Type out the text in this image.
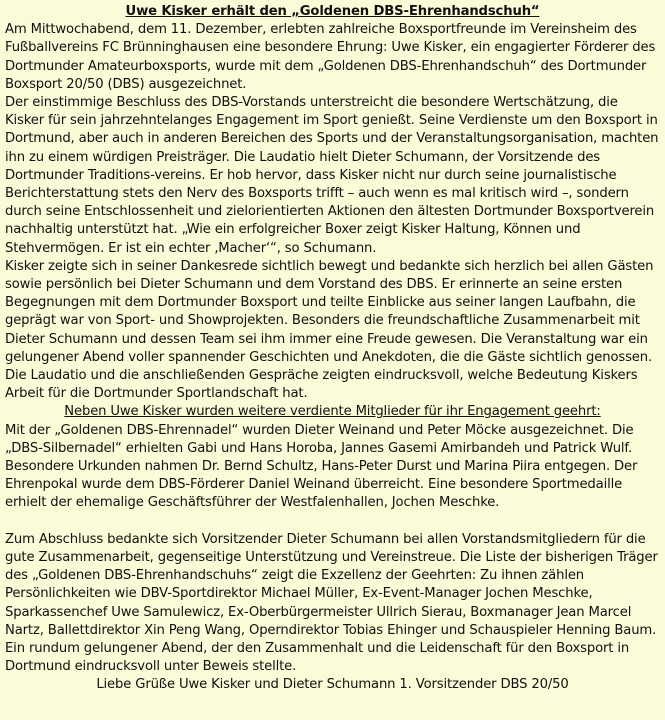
Uwe Kisker erhält den „Goldenen DBS-Ehrenhandschuh“

Am Mittwochabend, dem 11. Dezember, erlebten zahlreiche Boxsportfreunde im Vereinsheim des Fußballvereins FC Brünninghausen eine besondere Ehrung: Uwe Kisker, ein engagierter Förderer des Dortmunder Amateurboxsports, wurde mit dem „Goldenen DBS-Ehrenhandschuh“ des Dortmunder Boxsport 20/50 (DBS) ausgezeichnet.

Der einstimmige Beschluss des DBS-Vorstands unterstreicht die besondere Wertschätzung, die Kisker für sein jahrzehntelanges Engagement im Sport genießt. Seine Verdienste um den Boxsport in Dortmund, aber auch in anderen Bereichen des Sports und der Veranstaltungsorganisation, machten ihn zu einem würdigen Preisträger. Die Laudatio hielt Dieter Schumann, der Vorsitzende des Dortmunder Traditions-vereins. Er hob hervor, dass Kisker nicht nur durch seine journalistische Berichterstattung stets den Nerv des Boxsports trifft – auch wenn es mal kritisch wird –, sondern durch seine Entschlossenheit und zielorientierten Aktionen den ältesten Dortmunder Boxsportverein nachhaltig unterstützt hat. „Wie ein erfolgreicher Boxer zeigt Kisker Haltung, Können und Stehvermögen. Er ist ein echter ‚Macher‘“, so Schumann.

Kisker zeigte sich in seiner Dankesrede sichtlich bewegt und bedankte sich herzlich bei allen Gästen sowie persönlich bei Dieter Schumann und dem Vorstand des DBS. Er erinnerte an seine ersten Begegnungen mit dem Dortmunder Boxsport und teilte Einblicke aus seiner langen Laufbahn, die geprägt war von Sport- und Showprojekten. Besonders die freundschaftliche Zusammenarbeit mit Dieter Schumann und dessen Team sei ihm immer eine Freude gewesen. Die Veranstaltung war ein gelungener Abend voller spannender Geschichten und Anekdoten, die die Gäste sichtlich genossen. Die Laudatio und die anschließenden Gespräche zeigten eindrucksvoll, welche Bedeutung Kiskers Arbeit für die Dortmunder Sportlandschaft hat.

Neben Uwe Kisker wurden weitere verdiente Mitglieder für ihr Engagement geehrt:

Mit der „Goldenen DBS-Ehrennadel“ wurden Dieter Weinand und Peter Möcke ausgezeichnet. Die „DBS-Silbernadel“ erhielten Gabi und Hans Horoba, Jannes Gasemi Amirbandeh und Patrick Wulf. Besondere Urkunden nahmen Dr. Bernd Schultz, Hans-Peter Durst und Marina Piira entgegen. Der Ehrenpokal wurde dem DBS-Förderer Daniel Weinand überreicht. Eine besondere Sportmedaille erhielt der ehemalige Geschäftsführer der Westfalenhallen, Jochen Meschke.

Zum Abschluss bedankte sich Vorsitzender Dieter Schumann bei allen Vorstandsmitgliedern für die gute Zusammenarbeit, gegenseitige Unterstützung und Vereinstreue. Die Liste der bisherigen Träger des „Goldenen DBS-Ehrenhandschuhs“ zeigt die Exzellenz der Geehrten: Zu ihnen zählen Persönlichkeiten wie DBV-Sportdirektor Michael Müller, Ex-Event-Manager Jochen Meschke, Sparkassenchef Uwe Samulewicz, Ex-Oberbürgermeister Ullrich Sierau, Boxmanager Jean Marcel Nartz, Ballettdirektor Xin Peng Wang, Operndirektor Tobias Ehinger und Schauspieler Henning Baum.

Ein rundum gelungener Abend, der den Zusammenhalt und die Leidenschaft für den Boxsport in Dortmund eindrucksvoll unter Beweis stellte.

Liebe Grüße Uwe Kisker und Dieter Schumann 1. Vorsitzender DBS 20/50
